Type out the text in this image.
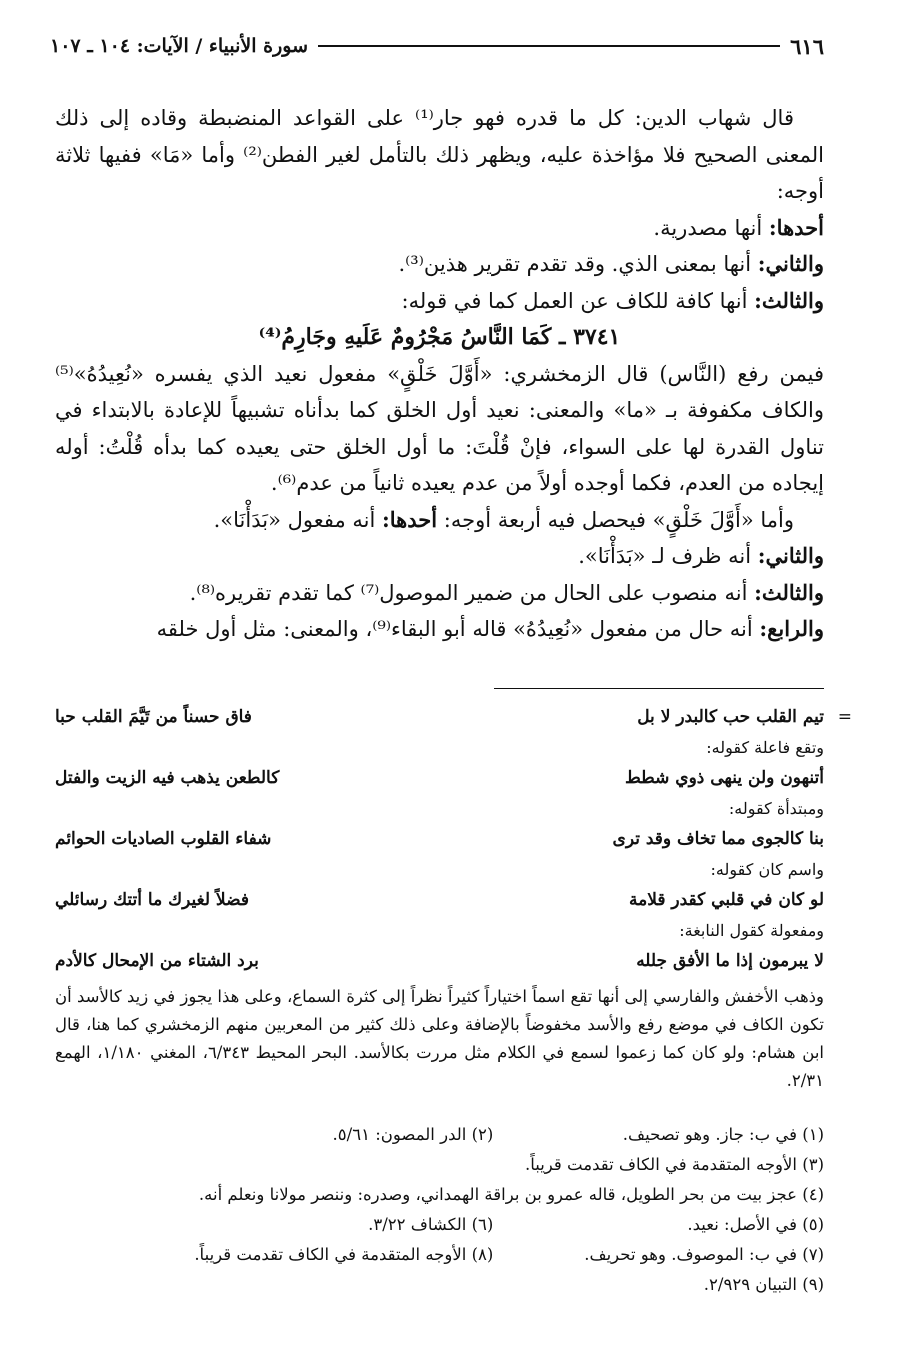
٦١٦
سورة الأنبياء / الآيات: ١٠٤ ـ ١٠٧

قال شهاب الدين: كل ما قدره فهو جار⁽¹⁾ على القواعد المنضبطة وقاده إلى ذلك المعنى الصحيح فلا مؤاخذة عليه، ويظهر ذلك بالتأمل لغير الفطن⁽²⁾ وأما «مَا» ففيها ثلاثة أوجه:

أحدها: أنها مصدرية.

والثاني: أنها بمعنى الذي. وقد تقدم تقرير هذين⁽³⁾.

والثالث: أنها كافة للكاف عن العمل كما في قوله:

٣٧٤١ ـ كَمَا النَّاسُ مَجْرُومٌ عَلَيهِ وجَارِمُ⁽⁴⁾

فيمن رفع (النَّاس) قال الزمخشري: «أَوَّلَ خَلْقٍ» مفعول نعيد الذي يفسره «نُعِيدُهُ»⁽⁵⁾ والكاف مكفوفة بـ «ما» والمعنى: نعيد أول الخلق كما بدأناه تشبيهاً للإعادة بالابتداء في تناول القدرة لها على السواء، فإنْ قُلْتَ: ما أول الخلق حتى يعيده كما بدأه قُلْتُ: أوله إيجاده من العدم، فكما أوجده أولاً من عدم يعيده ثانياً من عدم⁽⁶⁾.

وأما «أَوَّلَ خَلْقٍ» فيحصل فيه أربعة أوجه: أحدها: أنه مفعول «بَدَأْنَا».

والثاني: أنه ظرف لـ «بَدَأْنَا».

والثالث: أنه منصوب على الحال من ضمير الموصول⁽⁷⁾ كما تقدم تقريره⁽⁸⁾.

والرابع: أنه حال من مفعول «نُعِيدُهُ» قاله أبو البقاء⁽⁹⁾، والمعنى: مثل أول خلقه

=
تيم القلب حب كالبدر لا بل
فاق حسناً من تَيَّمَ القلب حبا
وتقع فاعلة كقوله:
أتنهون ولن ينهى ذوي شطط
كالطعن يذهب فيه الزيت والفتل
ومبتدأة كقوله:
بنا كالجوى مما تخاف وقد ترى
شفاء القلوب الصاديات الحوائم
واسم كان كقوله:
لو كان في قلبي كقدر قلامة
فضلاً لغيرك ما أتتك رسائلي
ومفعولة كقول النابغة:
لا يبرمون إذا ما الأفق جلله
برد الشتاء من الإمحال كالأدم
وذهب الأخفش والفارسي إلى أنها تقع اسماً اختياراً كثيراً نظراً إلى كثرة السماع، وعلى هذا يجوز في زيد كالأسد أن تكون الكاف في موضع رفع والأسد مخفوضاً بالإضافة وعلى ذلك كثير من المعربين منهم الزمخشري كما هنا، قال ابن هشام: ولو كان كما زعموا لسمع في الكلام مثل مررت بكالأسد. البحر المحيط ٦/٣٤٣، المغني ١/١٨٠، الهمع ٢/٣١.
(١) في ب: جاز. وهو تصحيف.
(٢) الدر المصون: ٥/٦١.
(٣) الأوجه المتقدمة في الكاف تقدمت قريباً.
(٤) عجز بيت من بحر الطويل، قاله عمرو بن براقة الهمداني، وصدره: وننصر مولانا ونعلم أنه.
(٥) في الأصل: نعيد.
(٦) الكشاف ٣/٢٢.
(٧) في ب: الموصوف. وهو تحريف.
(٨) الأوجه المتقدمة في الكاف تقدمت قريباً.
(٩) التبيان ٢/٩٢٩.
